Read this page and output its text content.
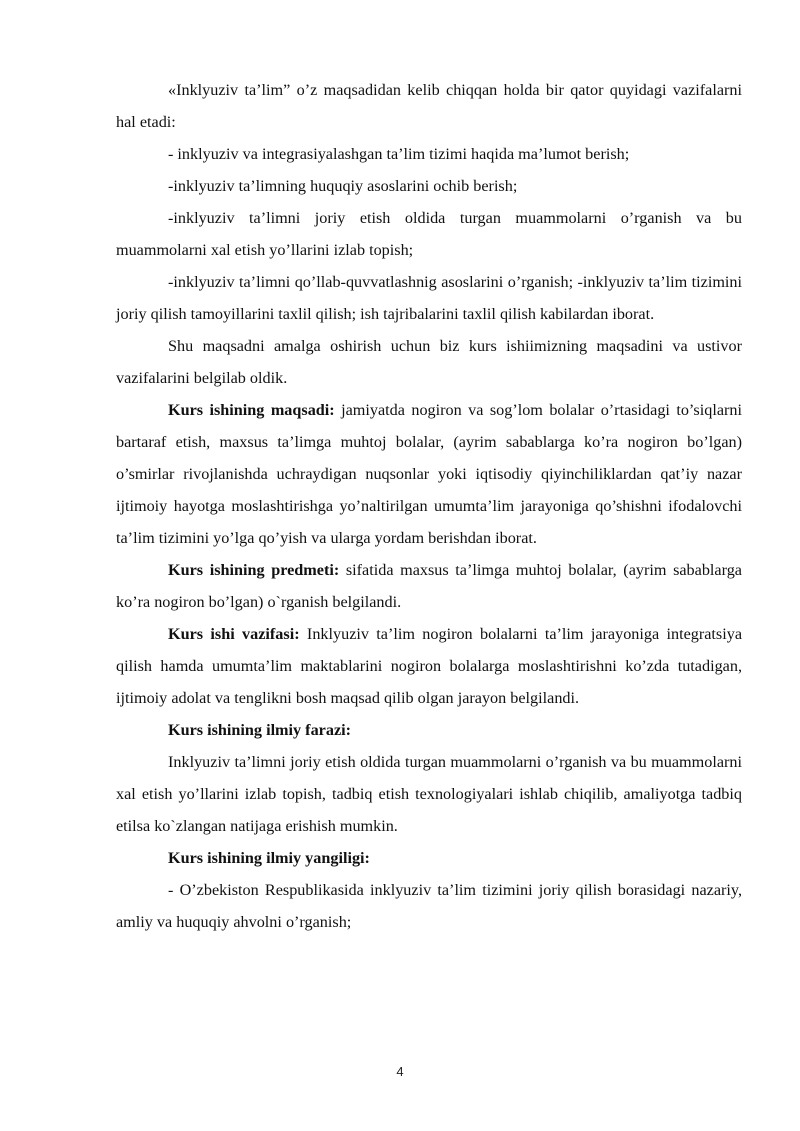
«Inklyuziv ta’lim” o’z maqsadidan kelib chiqqan holda bir qator quyidagi vazifalarni hal etadi:

- inklyuziv va integrasiyalashgan ta’lim tizimi haqida ma’lumot berish;

-inklyuziv ta’limning huquqiy asoslarini ochib berish;

-inklyuziv ta’limni joriy etish oldida turgan muammolarni o’rganish va bu muammolarni xal etish yo’llarini izlab topish;

-inklyuziv ta’limni qo’llab-quvvatlashnig asoslarini o’rganish; -inklyuziv ta’lim tizimini joriy qilish tamoyillarini taxlil qilish; ish tajribalarini taxlil qilish kabilardan iborat.

Shu maqsadni amalga oshirish uchun biz kurs ishiimizning maqsadini va ustivor vazifalarini belgilab oldik.

Kurs ishining maqsadi: jamiyatda nogiron va sog’lom bolalar o’rtasidagi to’siqlarni bartaraf etish, maxsus ta’limga muhtoj bolalar, (ayrim sabablarga ko’ra nogiron bo’lgan) o’smirlar rivojlanishda uchraydigan nuqsonlar yoki iqtisodiy qiyinchiliklardan qat’iy nazar ijtimoiy hayotga moslashtirishga yo’naltirilgan umumta’lim jarayoniga qo’shishni ifodalovchi ta’lim tizimini yo’lga qo’yish va ularga yordam berishdan iborat.

Kurs ishining predmeti: sifatida maxsus ta’limga muhtoj bolalar, (ayrim sabablarga ko’ra nogiron bo’lgan) o`rganish belgilandi.

Kurs ishi vazifasi: Inklyuziv ta’lim nogiron bolalarni ta’lim jarayoniga integratsiya qilish hamda umumta’lim maktablarini nogiron bolalarga moslashtirishni ko’zda tutadigan, ijtimoiy adolat va tenglikni bosh maqsad qilib olgan jarayon belgilandi.

Kurs ishining ilmiy farazi:

Inklyuziv ta’limni joriy etish oldida turgan muammolarni o’rganish va bu muammolarni xal etish yo’llarini izlab topish, tadbiq etish texnologiyalari ishlab chiqilib, amaliyotga tadbiq etilsa ko`zlangan natijaga erishish mumkin.

Kurs ishining ilmiy yangiligi:

- O’zbekiston Respublikasida inklyuziv ta’lim tizimini joriy qilish borasidagi nazariy, amliy va huquqiy ahvolni o’rganish;

4
